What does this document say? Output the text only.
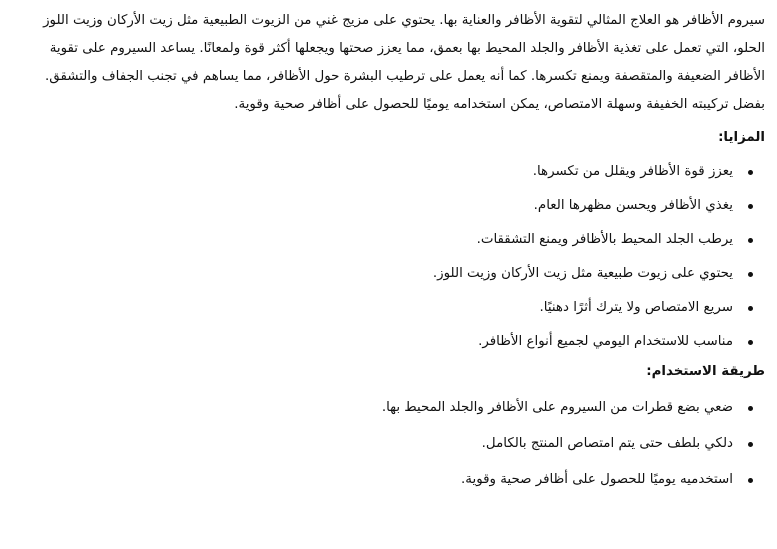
سيروم الأظافر هو العلاج المثالي لتقوية الأظافر والعناية بها. يحتوي على مزيج غني من الزيوت الطبيعية مثل زيت الأركان وزيت اللوز الحلو، التي تعمل على تغذية الأظافر والجلد المحيط بها بعمق، مما يعزز صحتها ويجعلها أكثر قوة ولمعانًا. يساعد السيروم على تقوية الأظافر الضعيفة والمتقصفة ويمنع تكسرها. كما أنه يعمل على ترطيب البشرة حول الأظافر، مما يساهم في تجنب الجفاف والتشقق. بفضل تركيبته الخفيفة وسهلة الامتصاص، يمكن استخدامه يوميًا للحصول على أظافر صحية وقوية.

المزايا:
يعزز قوة الأظافر ويقلل من تكسرها.
يغذي الأظافر ويحسن مظهرها العام.
يرطب الجلد المحيط بالأظافر ويمنع التشققات.
يحتوي على زيوت طبيعية مثل زيت الأركان وزيت اللوز.
سريع الامتصاص ولا يترك أثرًا دهنيًا.
مناسب للاستخدام اليومي لجميع أنواع الأظافر.
طريقة الاستخدام:
ضعي بضع قطرات من السيروم على الأظافر والجلد المحيط بها.
دلكي بلطف حتى يتم امتصاص المنتج بالكامل.
استخدميه يوميًا للحصول على أظافر صحية وقوية.
